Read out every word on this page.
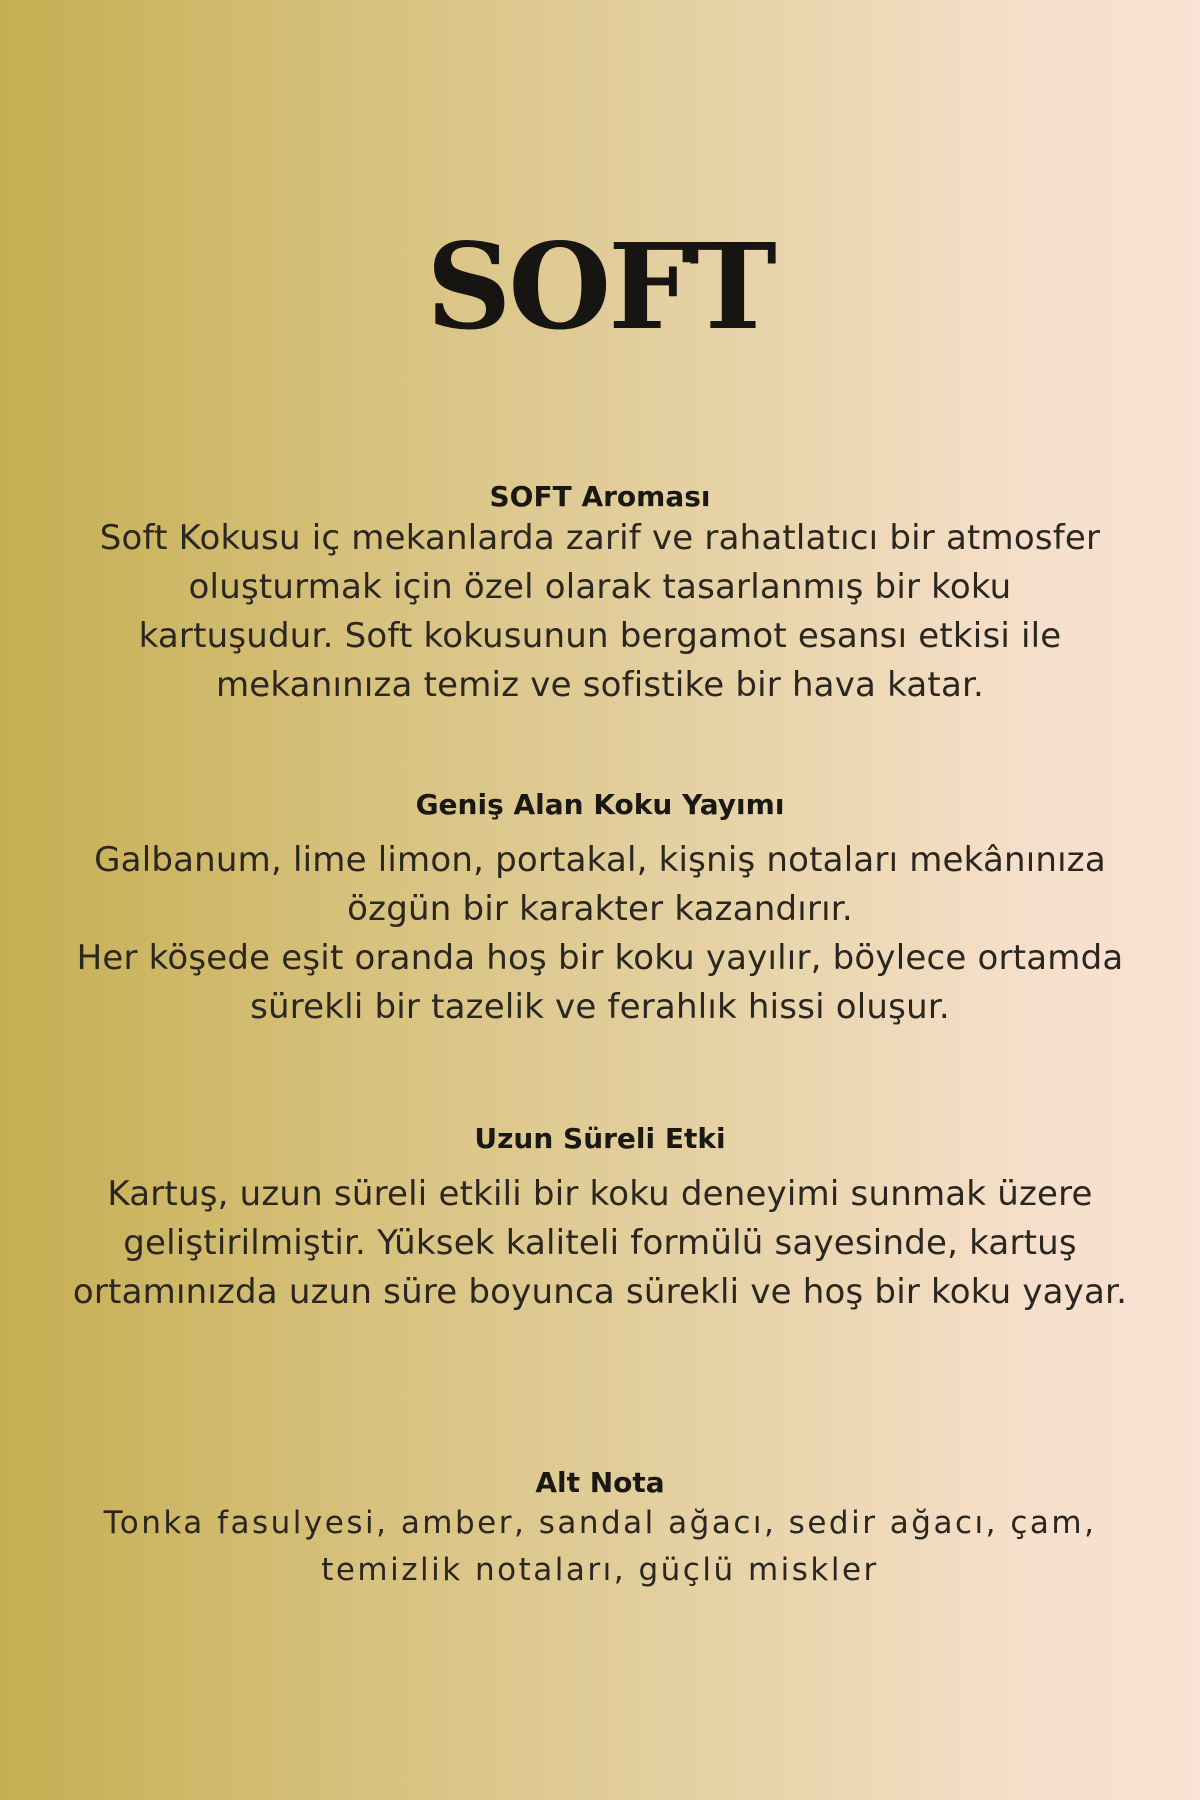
SOFT
SOFT Aroması
Soft Kokusu iç mekanlarda zarif ve rahatlatıcı bir atmosfer
oluşturmak için özel olarak tasarlanmış bir koku
kartuşudur. Soft kokusunun bergamot esansı etkisi ile
mekanınıza temiz ve sofistike bir hava katar.
Geniş Alan Koku Yayımı
Galbanum, lime limon, portakal, kişniş notaları mekânınıza
özgün bir karakter kazandırır.
Her köşede eşit oranda hoş bir koku yayılır, böylece ortamda
sürekli bir tazelik ve ferahlık hissi oluşur.
Uzun Süreli Etki
Kartuş, uzun süreli etkili bir koku deneyimi sunmak üzere
geliştirilmiştir. Yüksek kaliteli formülü sayesinde, kartuş
ortamınızda uzun süre boyunca sürekli ve hoş bir koku yayar.
Alt Nota
Tonka fasulyesi, amber, sandal ağacı, sedir ağacı, çam,
temizlik notaları, güçlü miskler
